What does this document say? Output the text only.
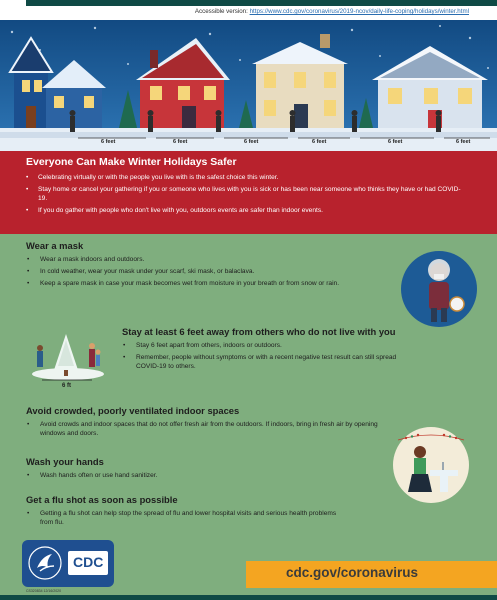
Accessible version: https://www.cdc.gov/coronavirus/2019-ncov/daily-life-coping/holidays/winter.html
6 feet	6 feet	6 feet	6 feet	6 feet	6 feet
Everyone Can Make Winter Holidays Safer
• Celebrating virtually or with the people you live with is the safest choice this winter.
• Stay home or cancel your gathering if you or someone who lives with you is sick or has been near someone who thinks they have or had COVID-19.
• If you do gather with people who don't live with you, outdoors events are safer than indoor events.
Wear a mask
• Wear a mask indoors and outdoors.
• In cold weather, wear your mask under your scarf, ski mask, or balaclava.
• Keep a spare mask in case your mask becomes wet from moisture in your breath or from snow or rain.
6 ft
Stay at least 6 feet away from others who do not live with you
• Stay 6 feet apart from others, indoors or outdoors.
• Remember, people without symptoms or with a recent negative test result can still spread COVID-19 to others.
Avoid crowded, poorly ventilated indoor spaces
• Avoid crowds and indoor spaces that do not offer fresh air from the outdoors. If indoors, bring in fresh air by opening windows and doors.
Wash your hands
• Wash hands often or use hand sanitizer.
Get a flu shot as soon as possible
• Getting a flu shot can help stop the spread of flu and lower hospital visits and serious health problems from flu.
CDC
CS320834 12/16/2020
cdc.gov/coronavirus
